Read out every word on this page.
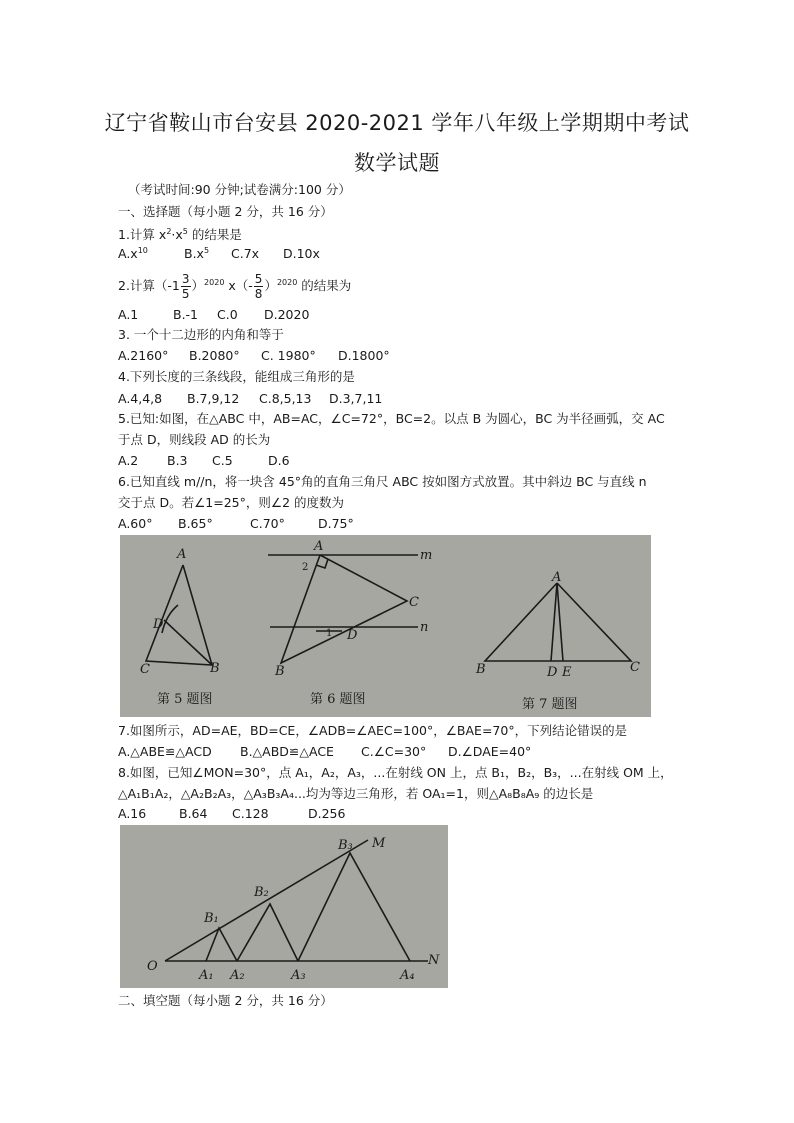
辽宁省鞍山市台安县 2020-2021 学年八年级上学期期中考试
数学试题
（考试时间:90 分钟;试卷满分:100 分）
一、选择题（每小题 2 分，共 16 分）
1.计算 $x^2\cdot x^5$ 的结果是
$A.x^{10}$	$B.x^5$ C.7x D.10x
2.计算$(-1 \frac{3}{5} )^{2020}$ $x(- \frac{5}{8} )^{2020}$ 的结果为
A.1	B.-1 C.0 D.2020
3. 一个十二边形的内角和等于
A.2160° B.2080° C. 1980° D.1800°
4.下列长度的三条线段，能组成三角形的是
A.4,4,8 B.7,9,12 C.8,5,13 D.3,7,11
5.已知:如图，在△ABC 中，AB=AC，∠C=72°，BC=2。以点 B 为圆心，BC 为半径画弧，交 AC
于点 D，则线段 AD 的长为
A.2 B.3 C.5	D.6
6.已知直线 m//n，将一块含 45°角的直角三角尺 ABC 按如图方式放置。其中斜边 BC 与直线 n
交于点 D。若∠1=25°，则∠2 的度数为
A.60° B.65°	C.70°	D.75°
A
D
C	B
A
m
n
C
D
B
A
B	C
D E
2
1
第 5 题图	第 6 题图	第 7 题图
7.如图所示，AD=AE，BD=CE，∠ADB=∠AEC=100°，∠BAE=70°，下列结论错误的是
A.△ABE≌△ACD B.△ABD≌△ACE C.∠C=30° D.∠DAE=40°
8.如图，已知∠MON=30°，点 A₁，A₂，A₃，...在射线 ON 上，点 B₁，B₂，B₃，...在射线 OM 上，
△A₁B₁A₂，△A₂B₂A₃，△A₃B₃A₄...均为等边三角形，若 OA₁=1，则△A₈B₈A₉ 的边长是
A.16	B.64 C.128	D.256
O	N
M
A₁ A₂	A₃	A₄
B₁
B₂
B₃
二、填空题（每小题 2 分，共 16 分）
